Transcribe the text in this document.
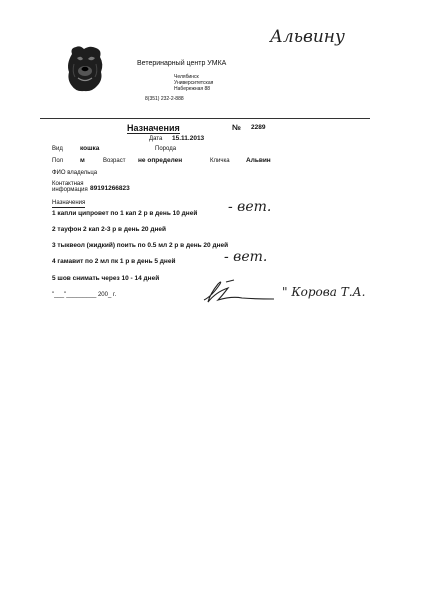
Альвину
Ветеринарный центр УМКА
Челябинск
Университетская
Набережная 88
8(351) 232-2-888
Назначения	№ 2289
Дата 15.11.2013
Вид	кошка	Порода
Пол	м	Возраст не определен	Кличка	Альвин
ФИО владельца
Контактная
информация 89191266823
Назначения
1 капли ципровет по 1 кап 2 р в день 10 дней - вет.
2 тауфон 2 кап 2-3 р в день 20 дней
3 тыквеол (жидкий) поить по 0.5 мл 2 р в день 20 дней
4 гамавит по 2 мл пк 1 р в день 5 дней	- вет.
5 шов снимать через 10 - 14 дней
"___"_________ 200_ г.	" Корова Т.А.
